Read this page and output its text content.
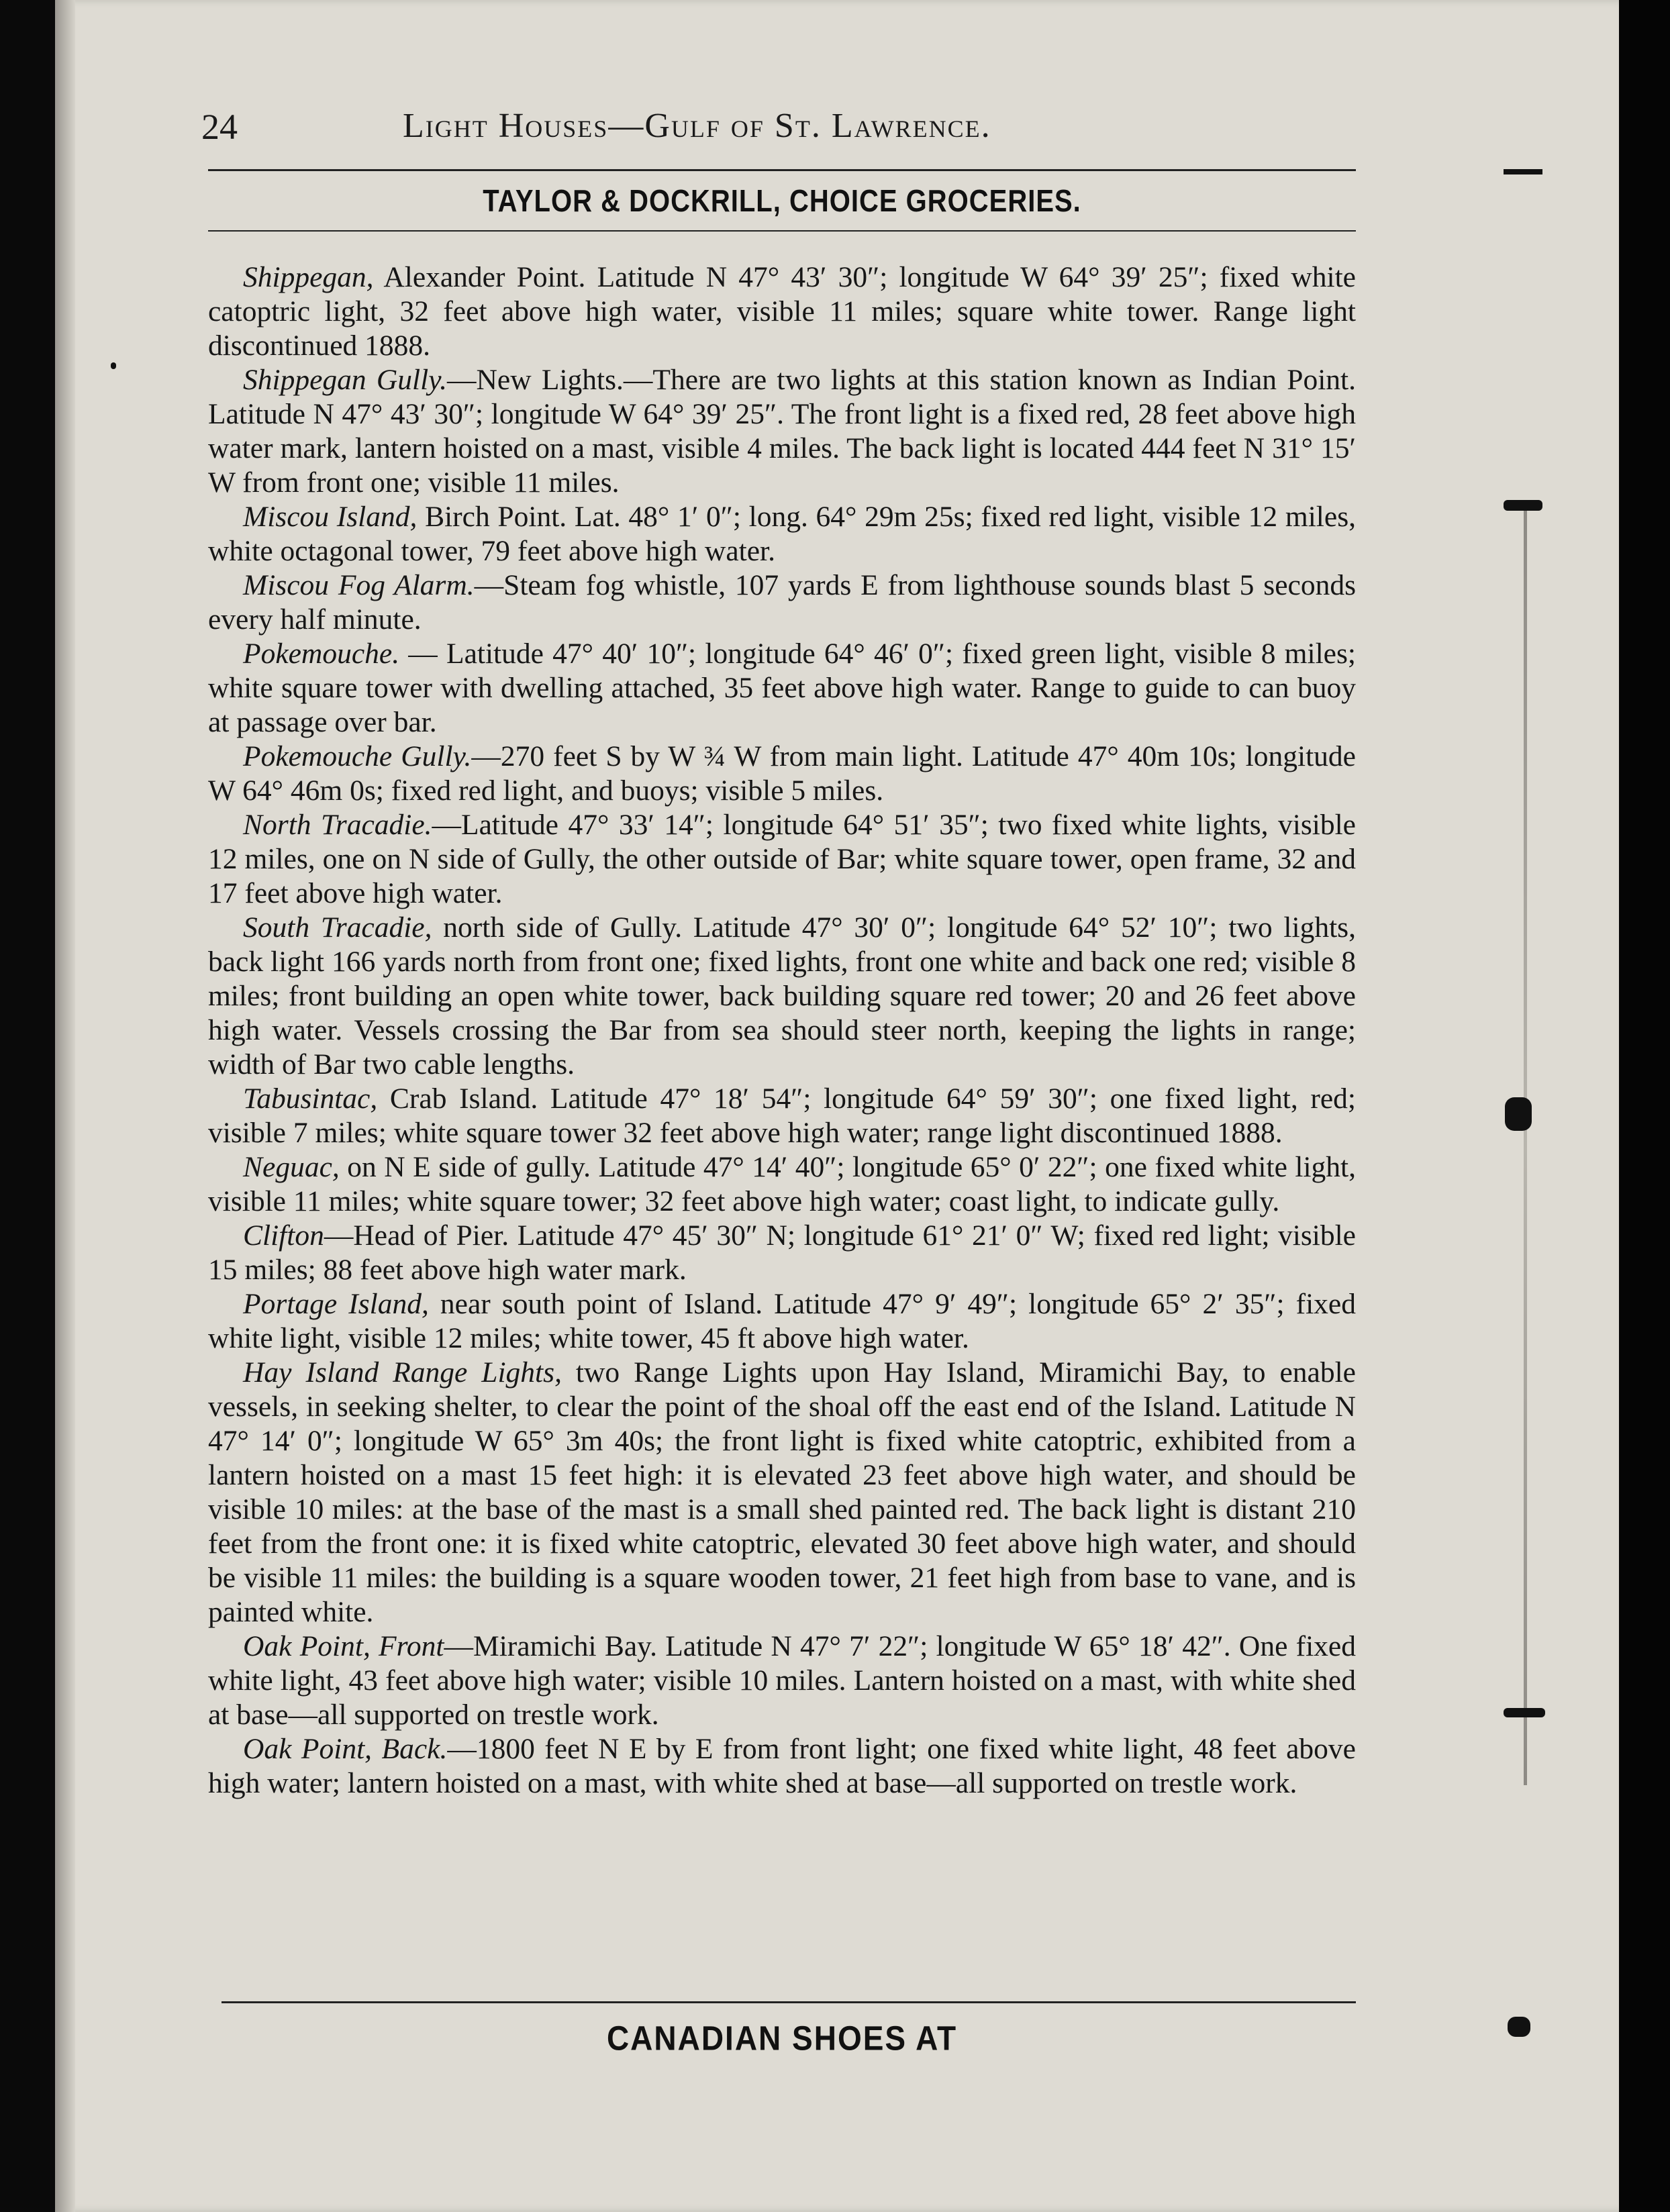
24	Light Houses—Gulf of St. Lawrence.
TAYLOR & DOCKRILL, CHOICE GROCERIES.

Shippegan, Alexander Point. Latitude N 47° 43′ 30″; longitude W 64° 39′ 25″; fixed white catoptric light, 32 feet above high water, visible 11 miles; square white tower. Range light discontinued 1888.

Shippegan Gully.—New Lights.—There are two lights at this station known as Indian Point. Latitude N 47° 43′ 30″; longitude W 64° 39′ 25″. The front light is a fixed red, 28 feet above high water mark, lantern hoisted on a mast, visible 4 miles. The back light is located 444 feet N 31° 15′ W from front one; visible 11 miles.

Miscou Island, Birch Point. Lat. 48° 1′ 0″; long. 64° 29m 25s; fixed red light, visible 12 miles, white octagonal tower, 79 feet above high water.

Miscou Fog Alarm.—Steam fog whistle, 107 yards E from lighthouse sounds blast 5 seconds every half minute.

Pokemouche. — Latitude 47° 40′ 10″; longitude 64° 46′ 0″; fixed green light, visible 8 miles; white square tower with dwelling attached, 35 feet above high water. Range to guide to can buoy at passage over bar.

Pokemouche Gully.—270 feet S by W ¾ W from main light. Latitude 47° 40m 10s; longitude W 64° 46m 0s; fixed red light, and buoys; visible 5 miles.

North Tracadie.—Latitude 47° 33′ 14″; longitude 64° 51′ 35″; two fixed white lights, visible 12 miles, one on N side of Gully, the other outside of Bar; white square tower, open frame, 32 and 17 feet above high water.

South Tracadie, north side of Gully. Latitude 47° 30′ 0″; longitude 64° 52′ 10″; two lights, back light 166 yards north from front one; fixed lights, front one white and back one red; visible 8 miles; front building an open white tower, back building square red tower; 20 and 26 feet above high water. Vessels crossing the Bar from sea should steer north, keeping the lights in range; width of Bar two cable lengths.

Tabusintac, Crab Island. Latitude 47° 18′ 54″; longitude 64° 59′ 30″; one fixed light, red; visible 7 miles; white square tower 32 feet above high water; range light discontinued 1888.

Neguac, on N E side of gully. Latitude 47° 14′ 40″; longitude 65° 0′ 22″; one fixed white light, visible 11 miles; white square tower; 32 feet above high water; coast light, to indicate gully.

Clifton—Head of Pier. Latitude 47° 45′ 30″ N; longitude 61° 21′ 0″ W; fixed red light; visible 15 miles; 88 feet above high water mark.

Portage Island, near south point of Island. Latitude 47° 9′ 49″; longitude 65° 2′ 35″; fixed white light, visible 12 miles; white tower, 45 ft above high water.

Hay Island Range Lights, two Range Lights upon Hay Island, Miramichi Bay, to enable vessels, in seeking shelter, to clear the point of the shoal off the east end of the Island. Latitude N 47° 14′ 0″; longitude W 65° 3m 40s; the front light is fixed white catoptric, exhibited from a lantern hoisted on a mast 15 feet high: it is elevated 23 feet above high water, and should be visible 10 miles: at the base of the mast is a small shed painted red. The back light is distant 210 feet from the front one: it is fixed white catoptric, elevated 30 feet above high water, and should be visible 11 miles: the building is a square wooden tower, 21 feet high from base to vane, and is painted white.

Oak Point, Front—Miramichi Bay. Latitude N 47° 7′ 22″; longitude W 65° 18′ 42″. One fixed white light, 43 feet above high water; visible 10 miles. Lantern hoisted on a mast, with white shed at base—all supported on trestle work.

Oak Point, Back.—1800 feet N E by E from front light; one fixed white light, 48 feet above high water; lantern hoisted on a mast, with white shed at base—all supported on trestle work.

CANADIAN SHOES AT
